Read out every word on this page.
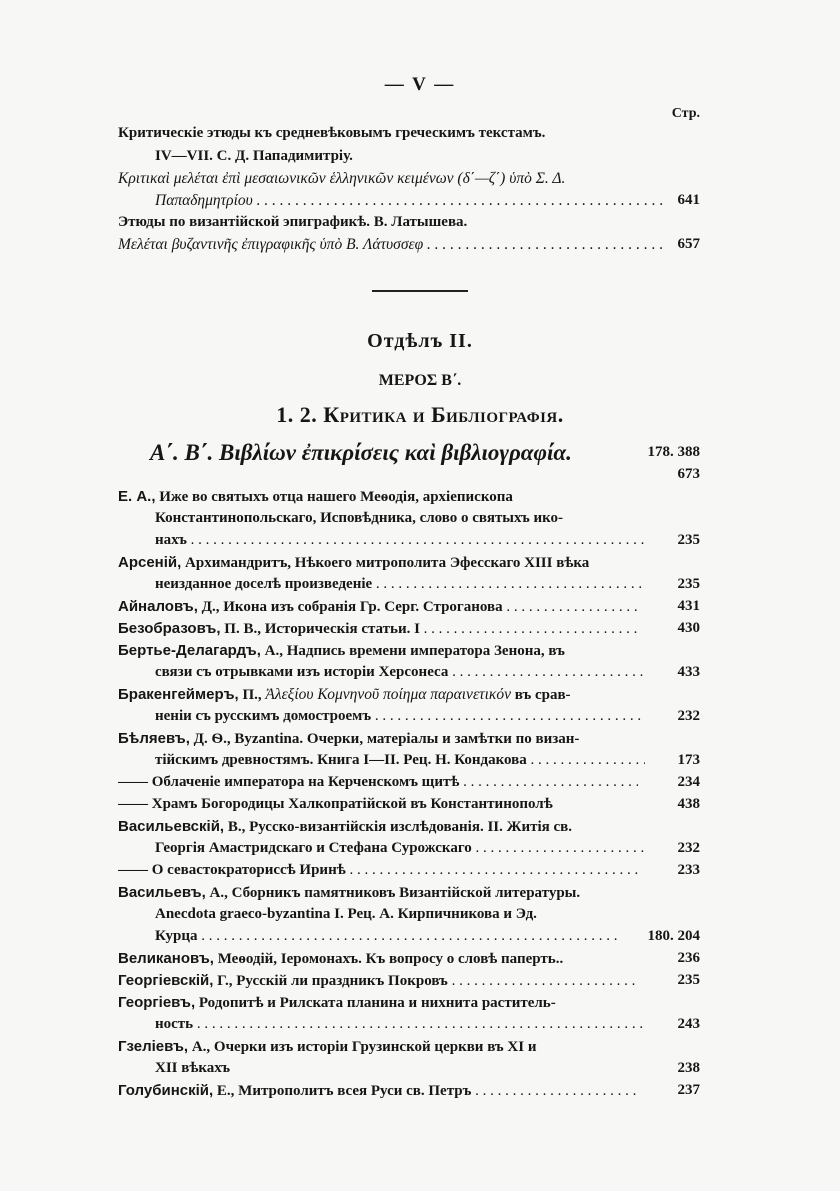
— V —
Стр.
Критическiе этюды къ средневѣковымъ греческимъ текстамъ.
IV—VII. С. Д. Пападимитрiу.
Κριτικαὶ μελέται ἐπὶ μεσαιωνικῶν ἑλληνικῶν κειμένων (δ΄—ζ΄) ὑπὸ Σ. Δ.
Παπαδημητρίου . . .	641
Этюды по византiйской эпиграфикѣ. В. Латышева.
Μελέται βυζαντινῆς ἐπιγραφικῆς ὑπὸ Β. Λάτυσσεφ . . .	657
Отдѣлъ II.
ΜΕΡΟΣ Β΄.
1. 2. Критика и Библiографiя.
Α΄. Β΄. Βιβλίων ἐπικρίσεις καὶ βιβλιογραφία.	178. 388
673
Е. А., Иже во святыхъ отца нашего Меѳодiя, архiепископа
Константинопольскаго, Исповѣдника, слово о святыхъ ико-
нахъ . . .	235
Арсенiй, Архимандритъ, Нѣкоего митрополита Эфесскаго XIII вѣка
неизданное доселѣ произведенiе . . .	235
Айналовъ, Д., Икона изъ собранiя Гр. Серг. Строганова . . .	431
Безобразовъ, П. В., Историческiя статьи. I . . .	430
Бертье-Делагардъ, А., Надпись времени императора Зенона, въ
связи съ отрывками изъ исторiи Херсонеса . . .	433
Бракенгеймеръ, П., Ἀλεξίου Κομνηνοῦ ποίημα παραινετικόν въ срав-
ненiи съ русскимъ домостроемъ . . .	232
Бѣляевъ, Д. Ѳ., Byzantina. Очерки, матерiалы и замѣтки по визан-
тiйскимъ древностямъ. Книга I—II. Рец. Н. Кондакова . . .	173
—— Облаченiе императора на Керченскомъ щитѣ . . .	234
—— Храмъ Богородицы Халкопратiйской въ Константинополѣ	438
Васильевскiй, В., Русско-византiйскiя изслѣдованiя. II. Житiя св.
Георгiя Амастридскаго и Стефана Сурожскаго . . .	232
—— О севастократориссѣ Иринѣ . . .	233
Васильевъ, А., Сборникъ памятниковъ Византiйской литературы.
Anecdota graeco-byzantina I. Рец. А. Кирпичникова и Эд.
Курца . . .	180. 204
Великановъ, Меѳодiй, Iеромонахъ. Къ вопросу о словѣ паперть..	236
Георгiевскiй, Г., Русскiй ли праздникъ Покровъ . . .	235
Георгiевъ, Родопитѣ и Рилската планина и нихнита раститель-
ность . . .	243
Гзелiевъ, А., Очерки изъ исторiи Грузинской церкви въ XI и
XII вѣкахъ	238
Голубинскiй, Е., Митрополитъ всея Руси св. Петръ . . .	237
